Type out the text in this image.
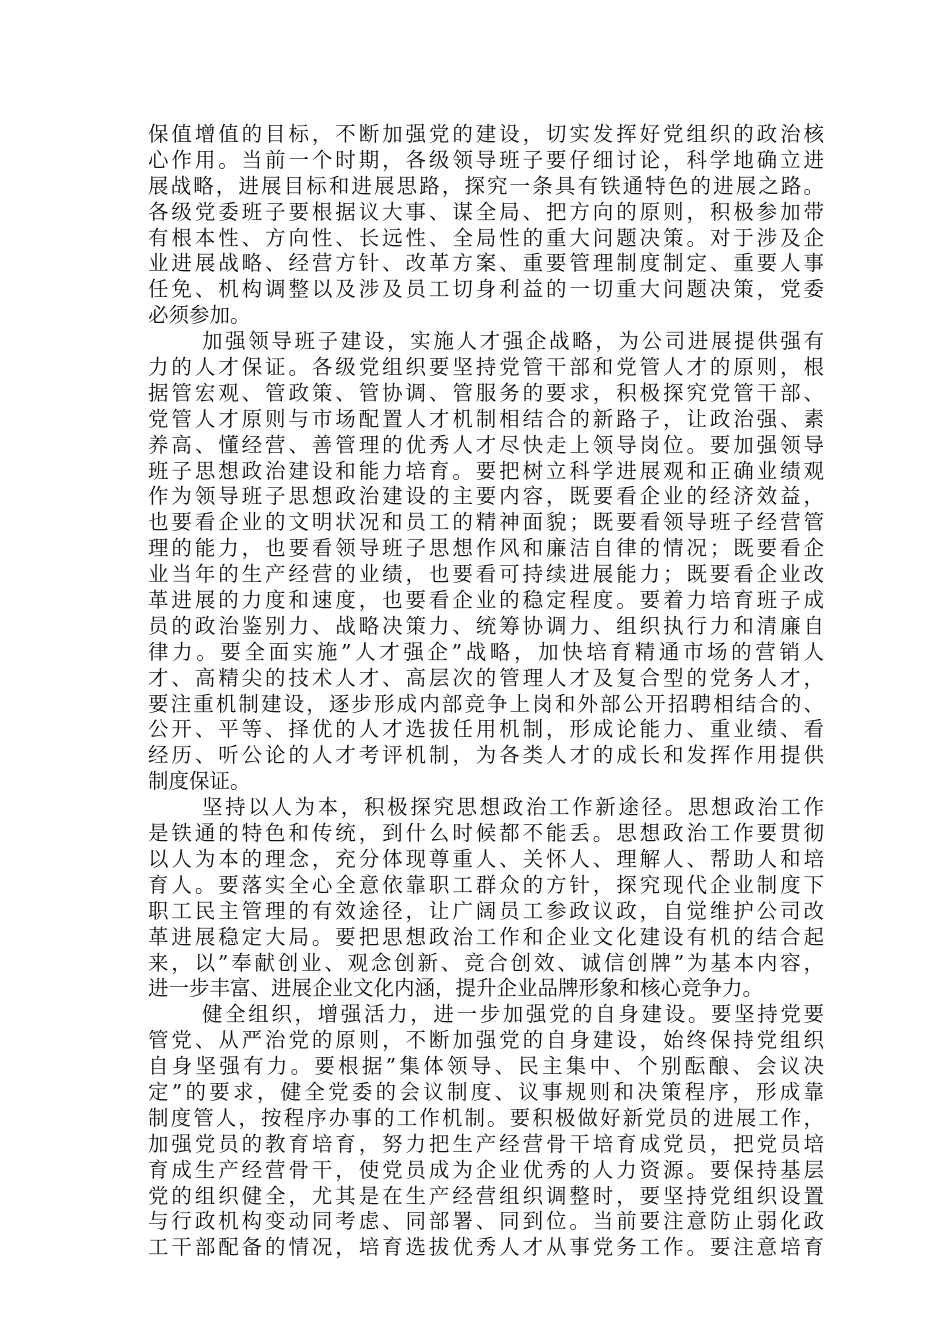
保值增值的目标，不断加强党的建设，切实发挥好党组织的政治核
心作用。当前一个时期，各级领导班子要仔细讨论，科学地确立进
展战略，进展目标和进展思路，探究一条具有铁通特色的进展之路。
各级党委班子要根据议大事、谋全局、把方向的原则，积极参加带
有根本性、方向性、长远性、全局性的重大问题决策。对于涉及企
业进展战略、经营方针、改革方案、重要管理制度制定、重要人事
任免、机构调整以及涉及员工切身利益的一切重大问题决策，党委
必须参加。
加强领导班子建设，实施人才强企战略，为公司进展提供强有
力的人才保证。各级党组织要坚持党管干部和党管人才的原则，根
据管宏观、管政策、管协调、管服务的要求，积极探究党管干部、
党管人才原则与市场配置人才机制相结合的新路子，让政治强、素
养高、懂经营、善管理的优秀人才尽快走上领导岗位。要加强领导
班子思想政治建设和能力培育。要把树立科学进展观和正确业绩观
作为领导班子思想政治建设的主要内容，既要看企业的经济效益，
也要看企业的文明状况和员工的精神面貌；既要看领导班子经营管
理的能力，也要看领导班子思想作风和廉洁自律的情况；既要看企
业当年的生产经营的业绩，也要看可持续进展能力；既要看企业改
革进展的力度和速度，也要看企业的稳定程度。要着力培育班子成
员的政治鉴别力、战略决策力、统筹协调力、组织执行力和清廉自
律力。要全面实施”人才强企”战略，加快培育精通市场的营销人
才、高精尖的技术人才、高层次的管理人才及复合型的党务人才，
要注重机制建设，逐步形成内部竞争上岗和外部公开招聘相结合的、
公开、平等、择优的人才选拔任用机制，形成论能力、重业绩、看
经历、听公论的人才考评机制，为各类人才的成长和发挥作用提供
制度保证。
坚持以人为本，积极探究思想政治工作新途径。思想政治工作
是铁通的特色和传统，到什么时候都不能丢。思想政治工作要贯彻
以人为本的理念，充分体现尊重人、关怀人、理解人、帮助人和培
育人。要落实全心全意依靠职工群众的方针，探究现代企业制度下
职工民主管理的有效途径，让广阔员工参政议政，自觉维护公司改
革进展稳定大局。要把思想政治工作和企业文化建设有机的结合起
来，以”奉献创业、观念创新、竞合创效、诚信创牌”为基本内容，
进一步丰富、进展企业文化内涵，提升企业品牌形象和核心竞争力。
健全组织，增强活力，进一步加强党的自身建设。要坚持党要
管党、从严治党的原则，不断加强党的自身建设，始终保持党组织
自身坚强有力。要根据”集体领导、民主集中、个别酝酿、会议决
定”的要求，健全党委的会议制度、议事规则和决策程序，形成靠
制度管人，按程序办事的工作机制。要积极做好新党员的进展工作，
加强党员的教育培育，努力把生产经营骨干培育成党员，把党员培
育成生产经营骨干，使党员成为企业优秀的人力资源。要保持基层
党的组织健全，尤其是在生产经营组织调整时，要坚持党组织设置
与行政机构变动同考虑、同部署、同到位。当前要注意防止弱化政
工干部配备的情况，培育选拔优秀人才从事党务工作。要注意培育
